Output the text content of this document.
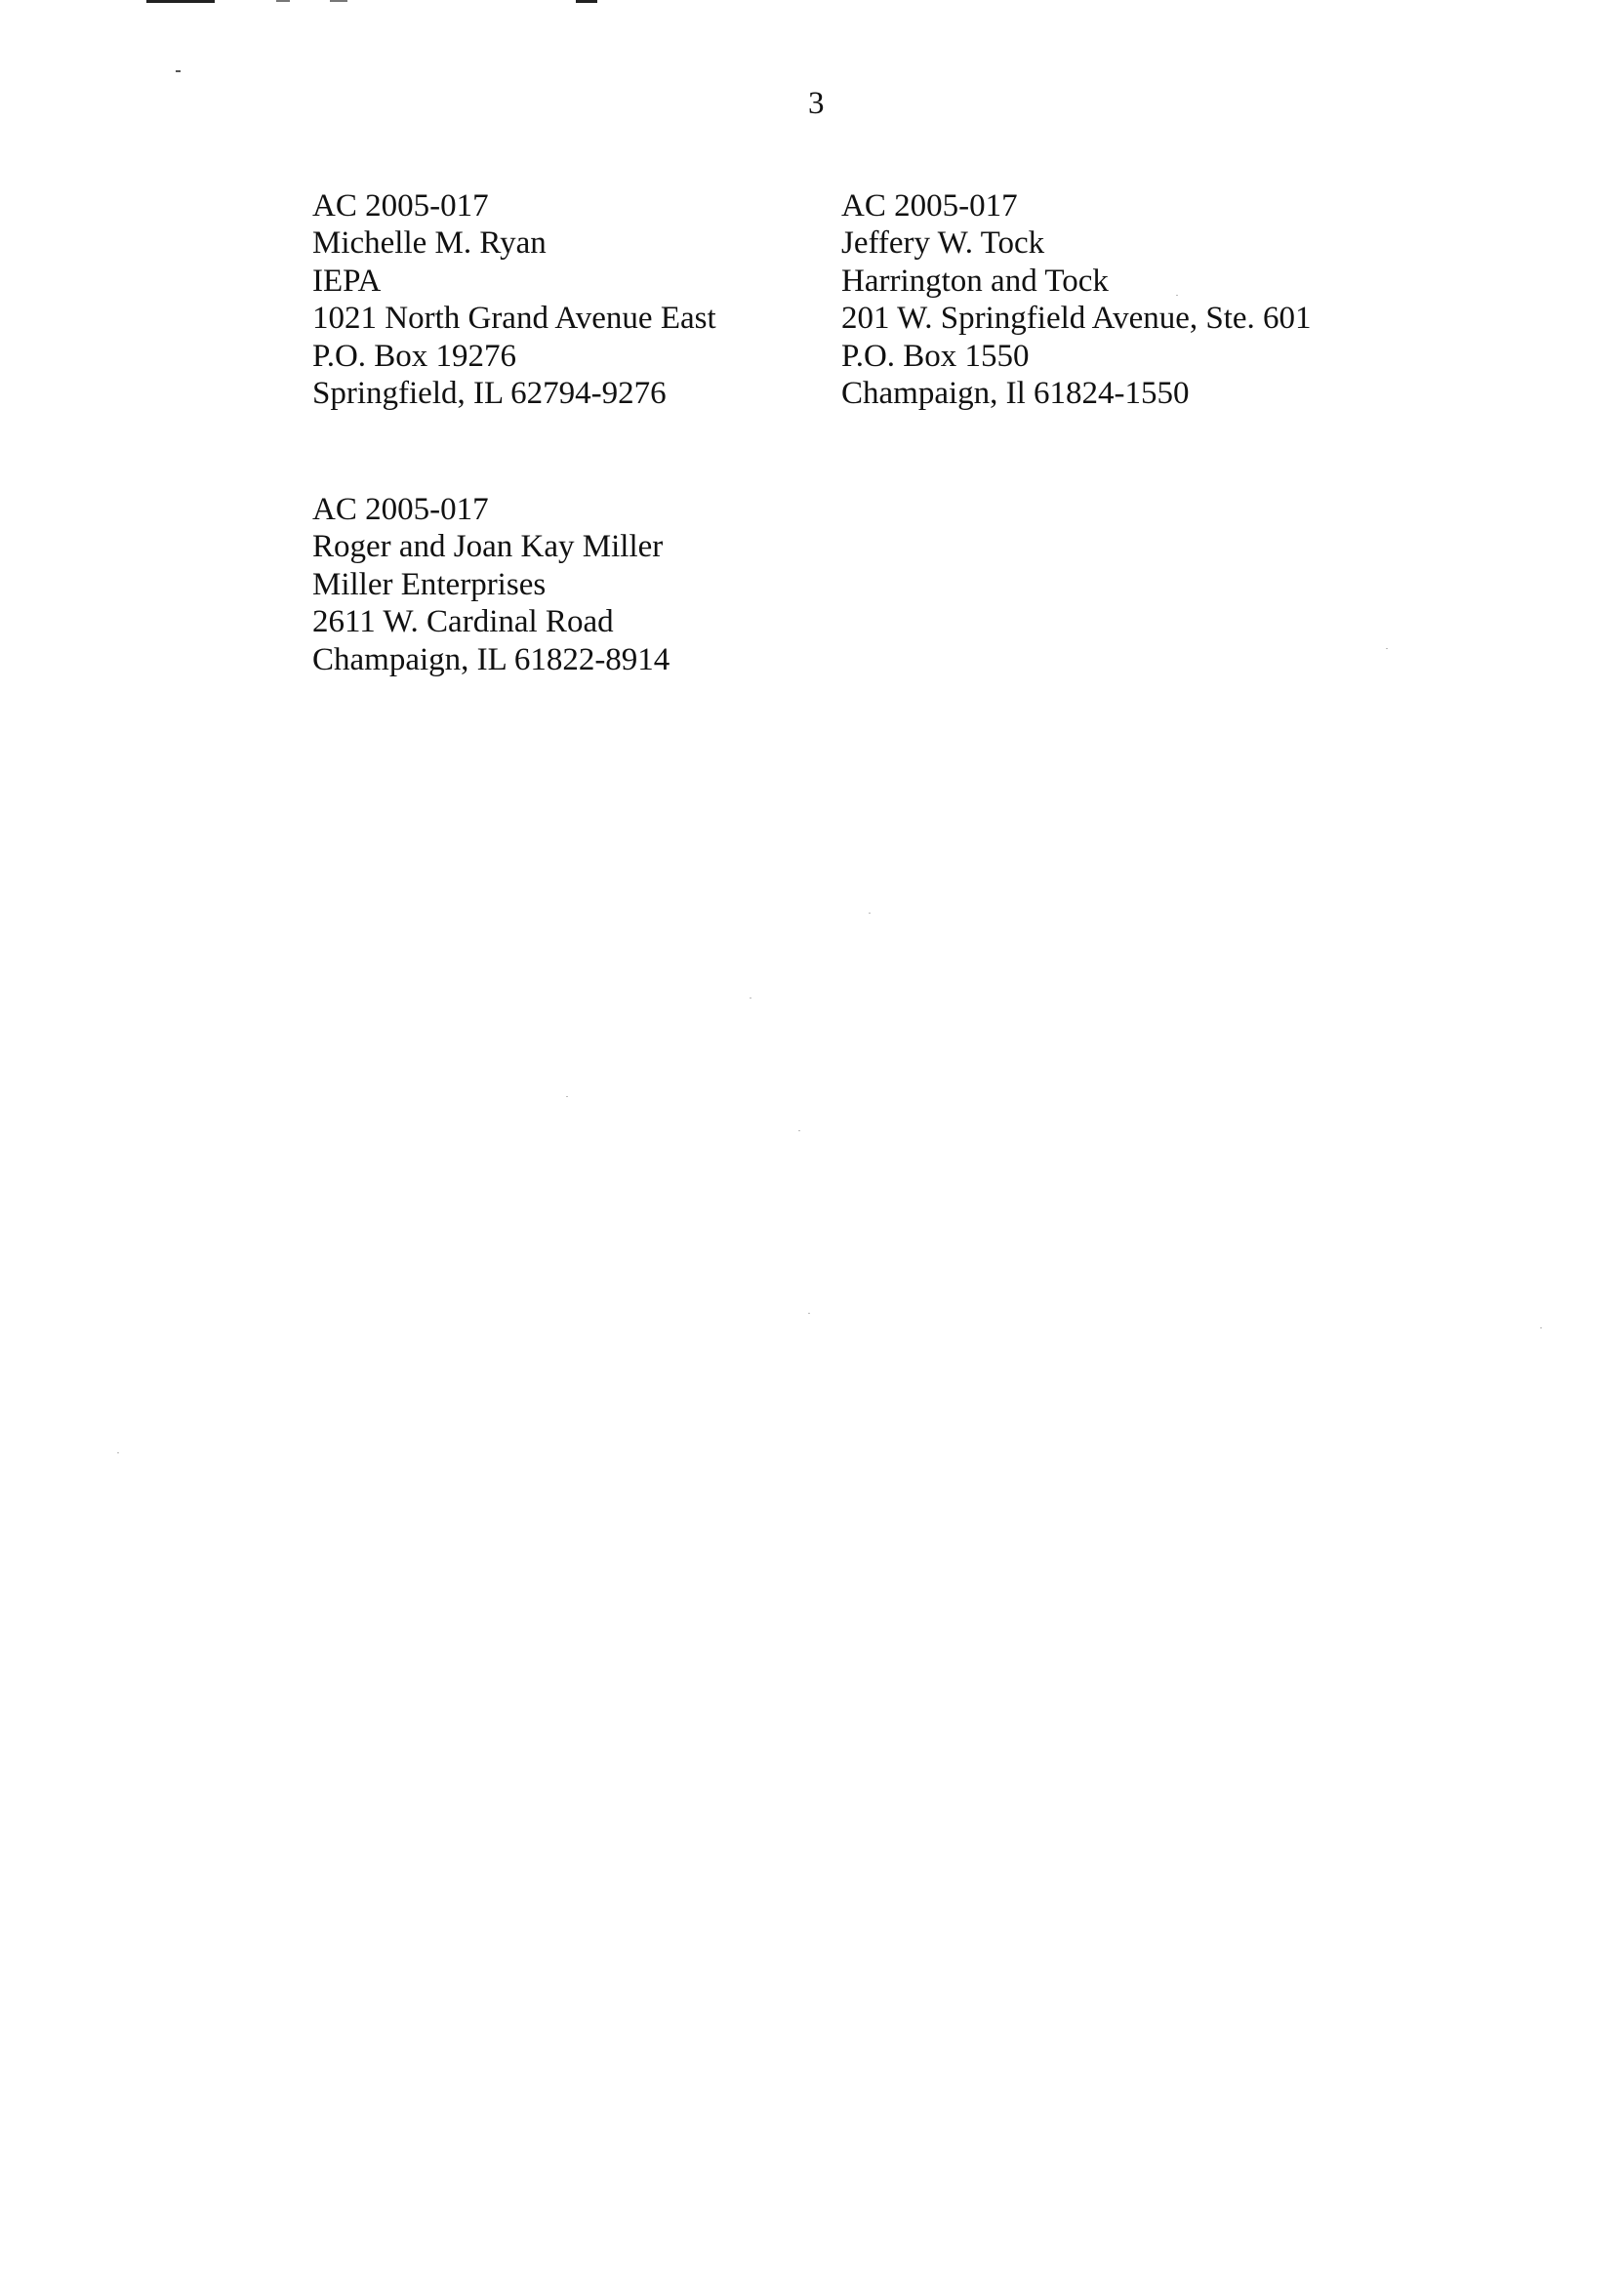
3
AC 2005-017
Michelle M. Ryan
IEPA
1021 North Grand Avenue East
P.O. Box 19276
Springfield, IL 62794-9276
AC 2005-017
Jeffery W. Tock
Harrington and Tock
201 W. Springfield Avenue, Ste. 601
P.O. Box 1550
Champaign, Il 61824-1550
AC 2005-017
Roger and Joan Kay Miller
Miller Enterprises
2611 W. Cardinal Road
Champaign, IL 61822-8914
